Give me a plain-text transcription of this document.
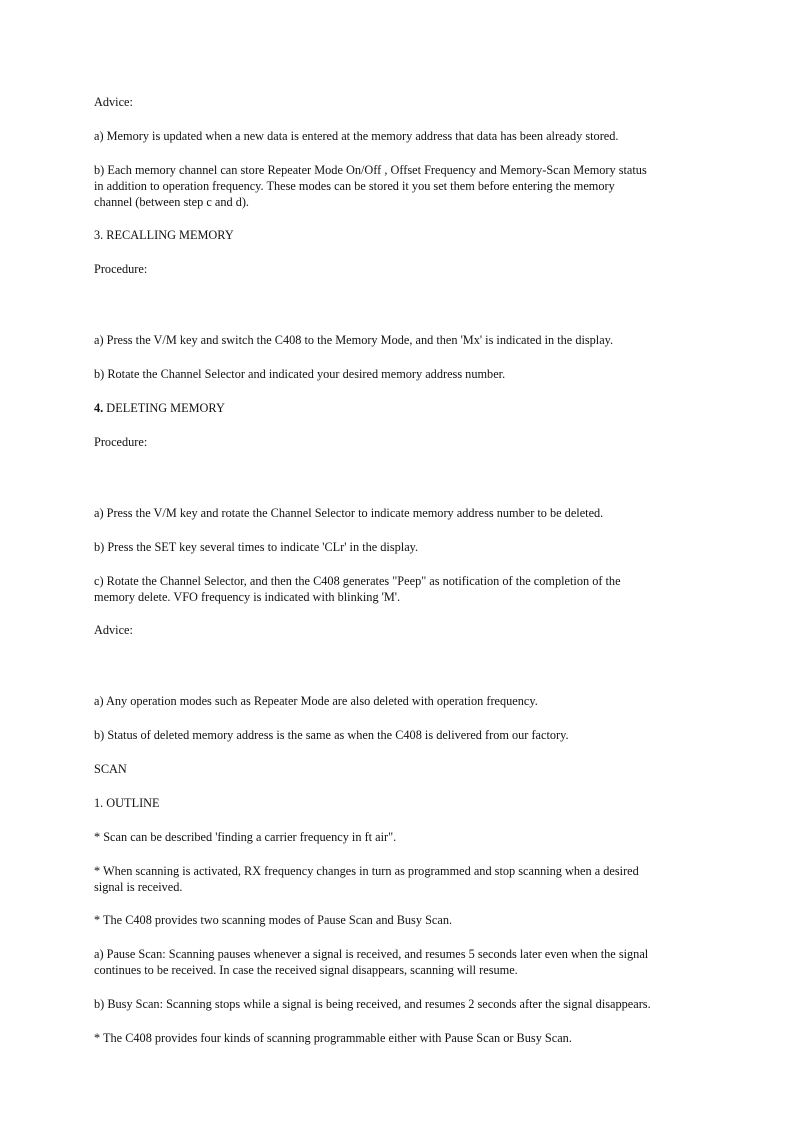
Advice:

a) Memory is updated when a new data is entered at the memory address that data has been already stored.

b) Each memory channel can store Repeater Mode On/Off , Offset Frequency and Memory-Scan Memory status

in addition to operation frequency. These modes can be stored it you set them before entering the memory

channel (between step c and d).

3. RECALLING MEMORY

Procedure:

a) Press the V/M key and switch the C408 to the Memory Mode, and then 'Mx' is indicated in the display.

b) Rotate the Channel Selector and indicated your desired memory address number.

4. DELETING MEMORY

Procedure:

a) Press the V/M key and rotate the Channel Selector to indicate memory address number to be deleted.

b) Press the SET key several times to indicate 'CLr' in the display.

c) Rotate the Channel Selector, and then the C408 generates "Peep" as notification of the completion of the

memory delete. VFO frequency is indicated with blinking 'M'.

Advice:

a) Any operation modes such as Repeater Mode are also deleted with operation frequency.

b) Status of deleted memory address is the same as when the C408 is delivered from our factory.

SCAN

1. OUTLINE

* Scan can be described 'finding a carrier frequency in ft air".

* When scanning is activated, RX frequency changes in turn as programmed and stop scanning when a desired

signal is received.

* The C408 provides two scanning modes of Pause Scan and Busy Scan.

a) Pause Scan: Scanning pauses whenever a signal is received, and resumes 5 seconds later even when the signal

continues to be received. In case the received signal disappears, scanning will resume.

b) Busy Scan: Scanning stops while a signal is being received, and resumes 2 seconds after the signal disappears.

* The C408 provides four kinds of scanning programmable either with Pause Scan or Busy Scan.
